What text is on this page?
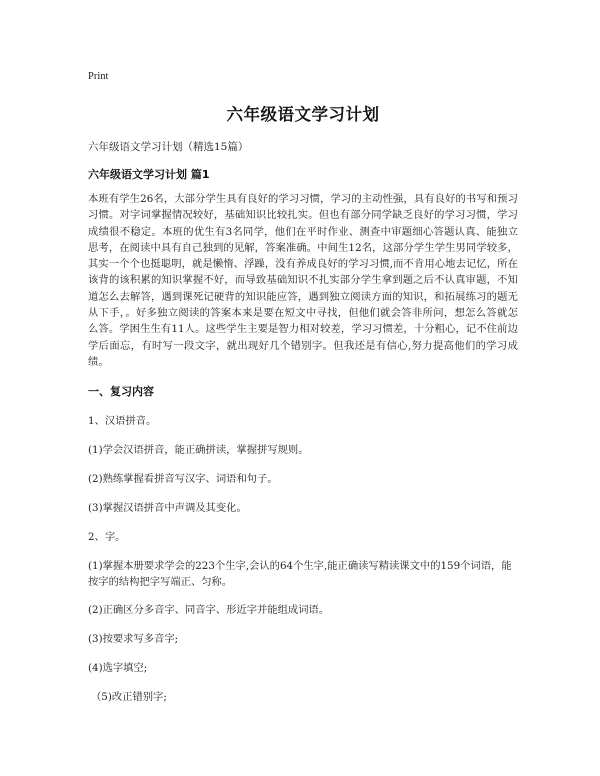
Print
六年级语文学习计划
六年级语文学习计划（精选15篇）
六年级语文学习计划 篇1

本班有学生26名，大部分学生具有良好的学习习惯，学习的主动性强，具有良好的书写和预习习惯。对字词掌握情况较好，基础知识比较扎实。但也有部分同学缺乏良好的学习习惯，学习成绩很不稳定。本班的优生有3名同学，他们在平时作业、测查中审题细心答题认真、能独立思考，在阅读中具有自己独到的见解，答案准确。中间生12名，这部分学生学生男同学较多，其实一个个也挺聪明，就是懒惰、浮躁，没有养成良好的学习习惯,而不肯用心地去记忆，所在该背的该积累的知识掌握不好，而导致基础知识不扎实部分学生拿到题之后不认真审题，不知道怎么去解答，遇到课死记硬背的知识能应答，遇到独立阅读方面的知识，和拓展练习的题无从下手，。好多独立阅读的答案本来是要在短文中寻找，但他们就会答非所问，想怎么答就怎么答。学困生生有11人。这些学生主要是智力相对较差，学习习惯差，十分粗心，记不住前边学后面忘，有时写一段文字，就出现好几个错别字。但我还是有信心,努力提高他们的学习成绩。

一、复习内容
1、汉语拼音。
(1)学会汉语拼音，能正确拼读，掌握拼写规则。
(2)熟练掌握看拼音写汉字、词语和句子。
(3)掌握汉语拼音中声调及其变化。
2、字。
(1)掌握本册要求学会的223个生字,会认的64个生字,能正确读写精读课文中的159个词语，能按字的结构把字写端正、匀称。
(2)正确区分多音字、同音字、形近字并能组成词语。
(3)按要求写多音字;
(4)选字填空;
（5)改正错别字;
